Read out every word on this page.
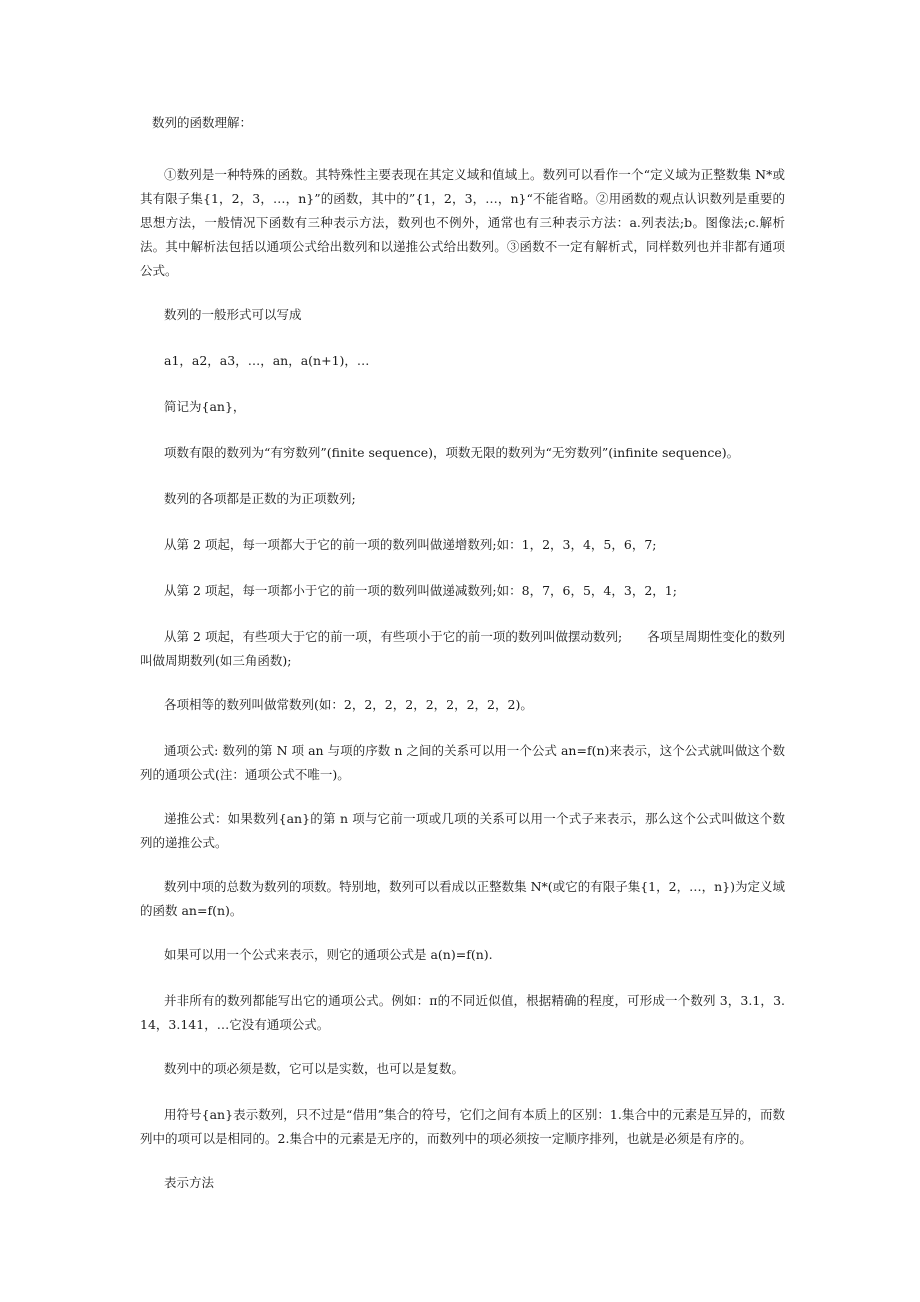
数列的函数理解：

①数列是一种特殊的函数。其特殊性主要表现在其定义域和值域上。数列可以看作一个“定义域为正整数集 N*或其有限子集{1，2，3，…，n}”的函数，其中的”{1，2，3，…，n}“不能省略。②用函数的观点认识数列是重要的思想方法，一般情况下函数有三种表示方法，数列也不例外，通常也有三种表示方法：a.列表法;b。图像法;c.解析法。其中解析法包括以通项公式给出数列和以递推公式给出数列。③函数不一定有解析式，同样数列也并非都有通项公式。

数列的一般形式可以写成

a1，a2，a3，…，an，a(n+1)，…

简记为{an}，

项数有限的数列为“有穷数列”(finite sequence)，项数无限的数列为“无穷数列”(infinite sequence)。

数列的各项都是正数的为正项数列;

从第 2 项起，每一项都大于它的前一项的数列叫做递增数列;如：1，2，3，4，5，6，7;

从第 2 项起，每一项都小于它的前一项的数列叫做递减数列;如：8，7，6，5，4，3，2，1;

从第 2 项起，有些项大于它的前一项，有些项小于它的前一项的数列叫做摆动数列;　　各项呈周期性变化的数列叫做周期数列(如三角函数);

各项相等的数列叫做常数列(如：2，2，2，2，2，2，2，2，2)。

通项公式: 数列的第 N 项 an 与项的序数 n 之间的关系可以用一个公式 an=f(n)来表示，这个公式就叫做这个数列的通项公式(注：通项公式不唯一)。

递推公式：如果数列{an}的第 n 项与它前一项或几项的关系可以用一个式子来表示，那么这个公式叫做这个数列的递推公式。

数列中项的总数为数列的项数。特别地，数列可以看成以正整数集 N*(或它的有限子集{1，2，…，n})为定义域的函数 an=f(n)。

如果可以用一个公式来表示，则它的通项公式是 a(n)=f(n).

并非所有的数列都能写出它的通项公式。例如：π的不同近似值，根据精确的程度，可形成一个数列 3，3.1，3.14，3.141，…它没有通项公式。

数列中的项必须是数，它可以是实数，也可以是复数。

用符号{an}表示数列，只不过是“借用”集合的符号，它们之间有本质上的区别：1.集合中的元素是互异的，而数列中的项可以是相同的。2.集合中的元素是无序的，而数列中的项必须按一定顺序排列，也就是必须是有序的。

表示方法
